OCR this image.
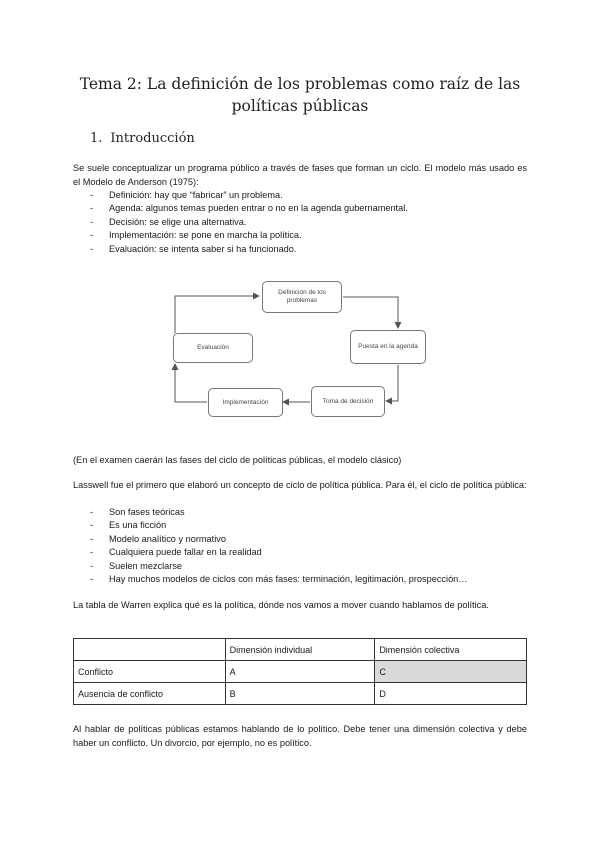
Tema 2: La definición de los problemas como raíz de las políticas públicas
1. Introducción
Se suele conceptualizar un programa público a través de fases que forman un ciclo. El modelo más usado es el Modelo de Anderson (1975):
- Definición: hay que “fabricar” un problema.
- Agenda: algunos temas pueden entrar o no en la agenda gubernamental.
- Decisión: se elige una alternativa.
- Implementación: se pone en marcha la política.
- Evaluación: se intenta saber si ha funcionado.
Definición de los problemas
Puesta en la agenda
Toma de decisión
Implementación
Evaluación
(En el examen caerán las fases del ciclo de políticas públicas, el modelo clásico)
Lasswell fue el primero que elaboró un concepto de ciclo de política pública. Para él, el ciclo de política pública:
- Son fases teóricas
- Es una ficción
- Modelo analítico y normativo
- Cualquiera puede fallar en la realidad
- Suelen mezclarse
- Hay muchos modelos de ciclos con más fases: terminación, legitimación, prospección…
La tabla de Warren explica qué es la política, dónde nos vamos a mover cuando hablamos de política.
	Dimensión individual	Dimensión colectiva
Conflicto	A	C
Ausencia de conflicto	B	D
Al hablar de políticas públicas estamos hablando de lo político. Debe tener una dimensión colectiva y debe haber un conflicto. Un divorcio, por ejemplo, no es político.
